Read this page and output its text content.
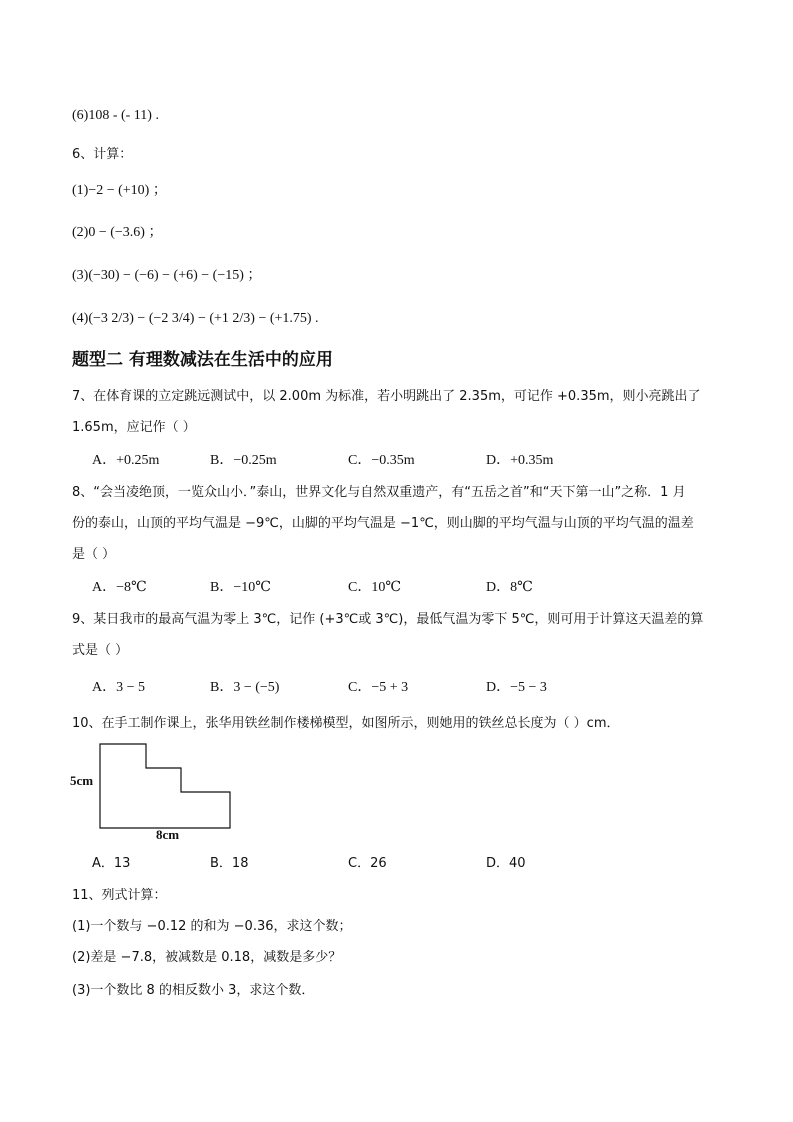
(6)108 - (- 11) .
6、计算：
(1)−2 − (+10) ；
(2)0 − (−3.6) ；
(3)(−30) − (−6) − (+6) − (−15) ；
(4)(−3 2/3) − (−2 3/4) − (+1 2/3) − (+1.75) .
题型二 有理数减法在生活中的应用
7、在体育课的立定跳远测试中，以 2.00m 为标准，若小明跳出了 2.35m，可记作 +0.35m，则小亮跳出了
1.65m，应记作（ ）
A．+0.25m	B．−0.25m	C．−0.35m	D．+0.35m
8、“会当凌绝顶，一览众山小．”泰山，世界文化与自然双重遗产，有“五岳之首”和“天下第一山”之称．1 月
份的泰山，山顶的平均气温是 −9℃，山脚的平均气温是 −1℃，则山脚的平均气温与山顶的平均气温的温差
是（ ）
A．−8℃	B．−10℃	C．10℃	D．8℃
9、某日我市的最高气温为零上 3℃，记作 (+3℃或 3℃)，最低气温为零下 5℃，则可用于计算这天温差的算
式是（ ）
A．3 − 5	B．3 − (−5)	C．−5 + 3	D．−5 − 3
10、在手工制作课上，张华用铁丝制作楼梯模型，如图所示，则她用的铁丝总长度为（ ）cm．
5cm
8cm
A．13	B．18	C．26	D．40
11、列式计算：
(1)一个数与 −0.12 的和为 −0.36，求这个数；
(2)差是 −7.8，被减数是 0.18，减数是多少？
(3)一个数比 8 的相反数小 3，求这个数．
